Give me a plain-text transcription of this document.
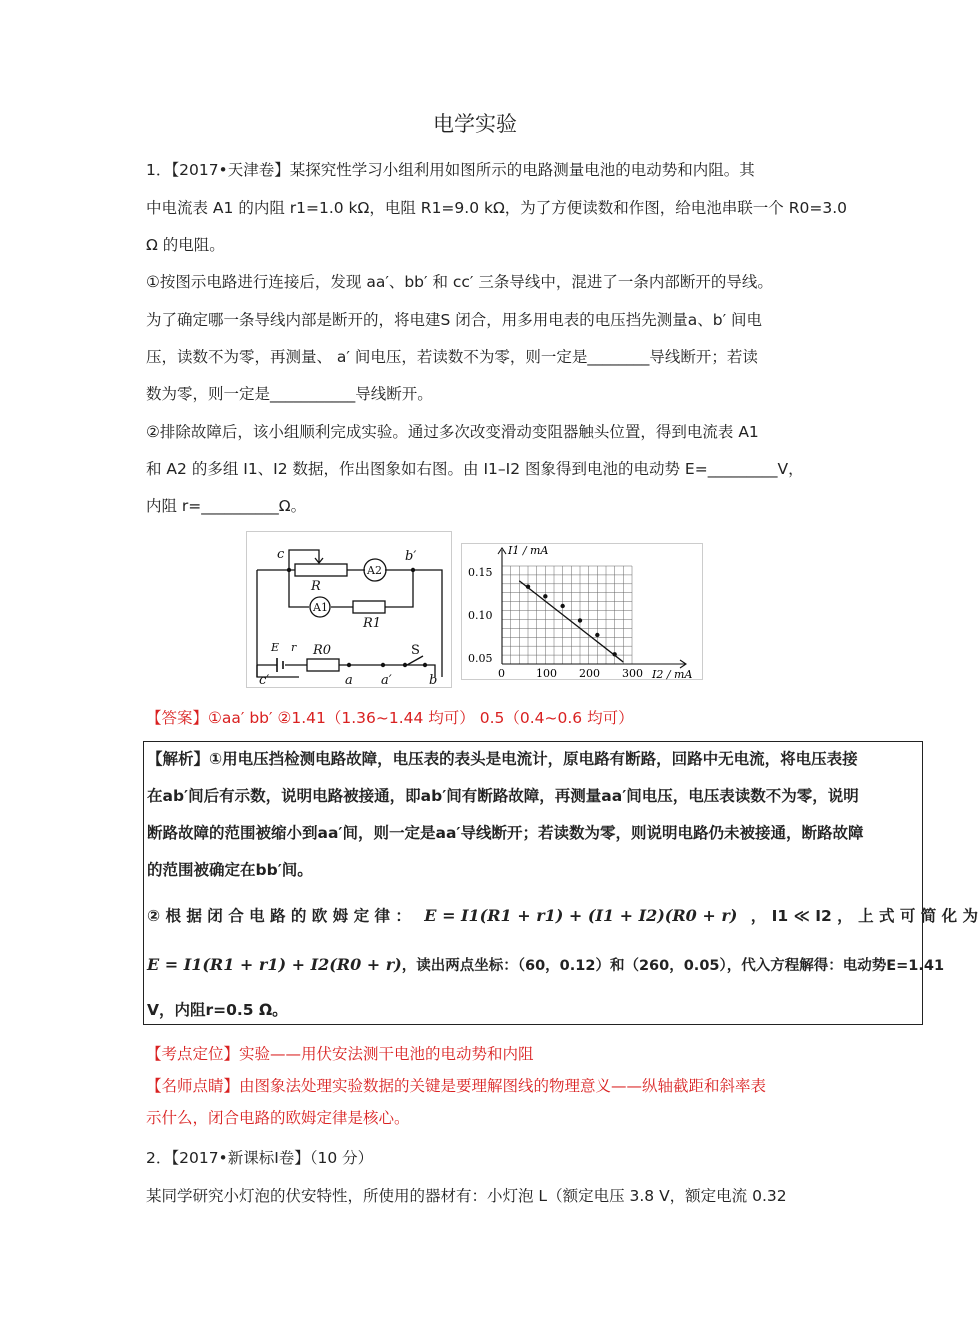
电学实验
1．【2017•天津卷】某探究性学习小组利用如图所示的电路测量电池的电动势和内阻。其
中电流表 A1 的内阻 r1=1.0 kΩ，电阻 R1=9.0 kΩ，为了方便读数和作图，给电池串联一个 R0=3.0
Ω 的电阻。
①按图示电路进行连接后，发现 aa′、bb′ 和 cc′ 三条导线中，混进了一条内部断开的导线。
为了确定哪一条导线内部是断开的，将电建S 闭合，用多用电表的电压挡先测量a、b′ 间电
压，读数不为零，再测量、 a′ 间电压，若读数不为零，则一定是________导线断开；若读
数为零，则一定是___________导线断开。
②排除故障后，该小组顺利完成实验。通过多次改变滑动变阻器触头位置，得到电流表 A1
和 A2 的多组 I1、I2 数据，作出图象如右图。由 I1–I2 图象得到电池的电动势 E=_________V，
内阻 r=__________Ω。
c	b′
R
A2
A1
R1
E r R0	S
c′	a a′	b
I1 / mA
I2 / mA
0.15
0.10
0.05
0	100 200 300
【答案】①aa′ bb′ ②1.41（1.36~1.44 均可） 0.5（0.4~0.6 均可）
【解析】①用电压挡检测电路故障，电压表的表头是电流计，原电路有断路，回路中无电流，将电压表接
在ab′间后有示数，说明电路被接通，即ab′间有断路故障，再测量aa′间电压，电压表读数不为零，说明
断路故障的范围被缩小到aa′间，则一定是aa′导线断开；若读数为零，则说明电路仍未被接通，断路故障
的范围被确定在bb′间。
② 根 据 闭 合 电 路 的 欧 姆 定 律 ： E = I1(R1 + r1) + (I1 + I2)(R0 + r) ， I1 ≪ I2 ， 上 式 可 简 化 为
E = I1(R1 + r1) + I2(R0 + r)，读出两点坐标：（60，0.12）和（260，0.05），代入方程解得：电动势E=1.41
V，内阻r=0.5 Ω。
【考点定位】实验——用伏安法测干电池的电动势和内阻
【名师点睛】由图象法处理实验数据的关键是要理解图线的物理意义——纵轴截距和斜率表
示什么，闭合电路的欧姆定律是核心。
2．【2017•新课标Ⅰ卷】（10 分）
某同学研究小灯泡的伏安特性，所使用的器材有：小灯泡 L（额定电压 3.8 V，额定电流 0.32
